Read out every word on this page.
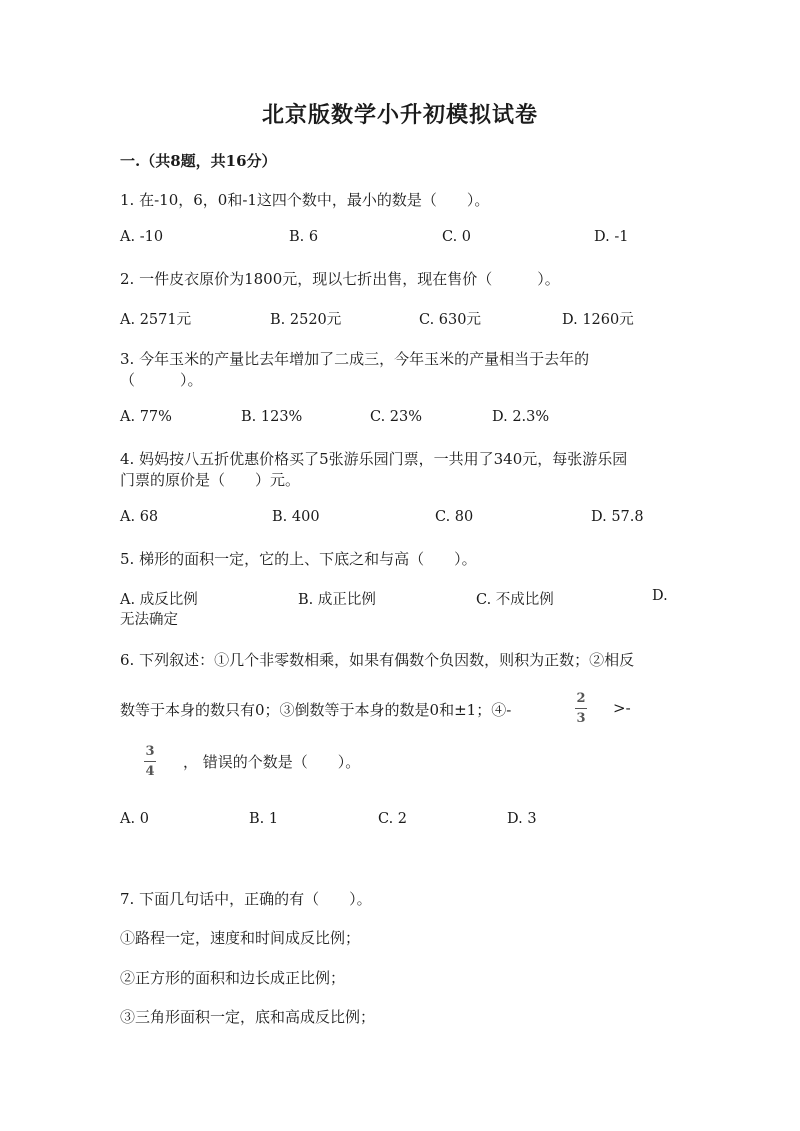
北京版数学小升初模拟试卷
一.（共8题，共16分）
1. 在-10，6，0和-1这四个数中，最小的数是（　　）。
A. -10	B. 6	C. 0	D. -1
2. 一件皮衣原价为1800元，现以七折出售，现在售价（　　　）。
A. 2571元	B. 2520元	C. 630元	D. 1260元
3. 今年玉米的产量比去年增加了二成三，今年玉米的产量相当于去年的
（　　　）。
A. 77%	B. 123%	C. 23%	D. 2.3%
4. 妈妈按八五折优惠价格买了5张游乐园门票，一共用了340元，每张游乐园
门票的原价是（　　）元。
A. 68	B. 400	C. 80	D. 57.8
5. 梯形的面积一定，它的上、下底之和与高（　　）。
A. 成反比例	B. 成正比例	C. 不成比例	D.
无法确定
6. 下列叙述：①几个非零数相乘，如果有偶数个负因数，则积为正数；②相反
数等于本身的数只有0；③倒数等于本身的数是0和±1；④-
2
3
>-
3
4
， 错误的个数是（　　）。
A. 0	B. 1	C. 2	D. 3
7. 下面几句话中，正确的有（　　）。
①路程一定，速度和时间成反比例；
②正方形的面积和边长成正比例；
③三角形面积一定，底和高成反比例；
